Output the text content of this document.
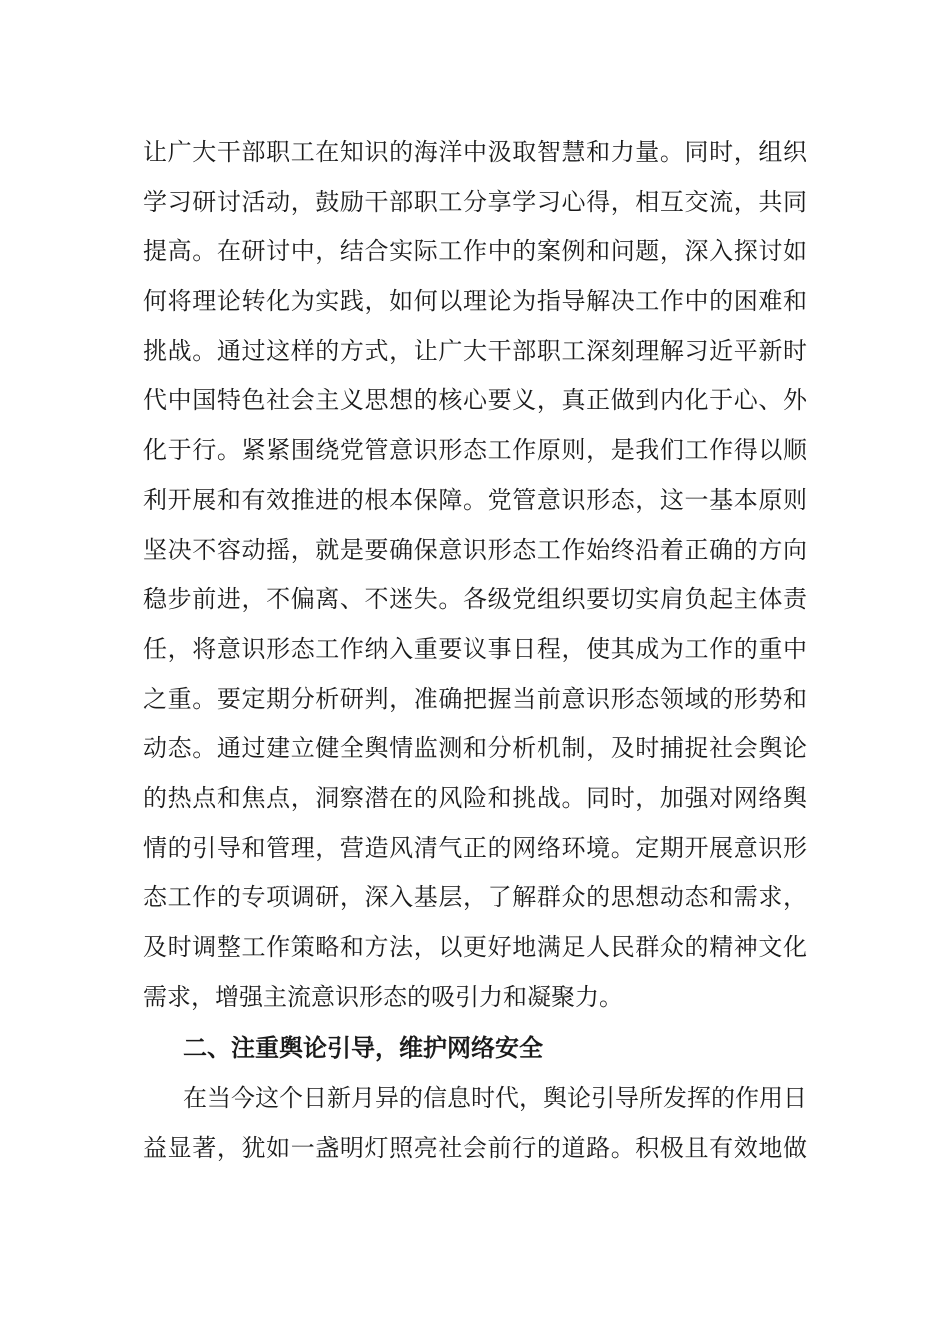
让广大干部职工在知识的海洋中汲取智慧和力量。同时，组织
学习研讨活动，鼓励干部职工分享学习心得，相互交流，共同
提高。在研讨中，结合实际工作中的案例和问题，深入探讨如
何将理论转化为实践，如何以理论为指导解决工作中的困难和
挑战。通过这样的方式，让广大干部职工深刻理解习近平新时
代中国特色社会主义思想的核心要义，真正做到内化于心、外
化于行。紧紧围绕党管意识形态工作原则，是我们工作得以顺
利开展和有效推进的根本保障。党管意识形态，这一基本原则
坚决不容动摇，就是要确保意识形态工作始终沿着正确的方向
稳步前进，不偏离、不迷失。各级党组织要切实肩负起主体责
任，将意识形态工作纳入重要议事日程，使其成为工作的重中
之重。要定期分析研判，准确把握当前意识形态领域的形势和
动态。通过建立健全舆情监测和分析机制，及时捕捉社会舆论
的热点和焦点，洞察潜在的风险和挑战。同时，加强对网络舆
情的引导和管理，营造风清气正的网络环境。定期开展意识形
态工作的专项调研，深入基层，了解群众的思想动态和需求，
及时调整工作策略和方法，以更好地满足人民群众的精神文化
需求，增强主流意识形态的吸引力和凝聚力。
二、注重舆论引导，维护网络安全
在当今这个日新月异的信息时代，舆论引导所发挥的作用日
益显著，犹如一盏明灯照亮社会前行的道路。积极且有效地做
